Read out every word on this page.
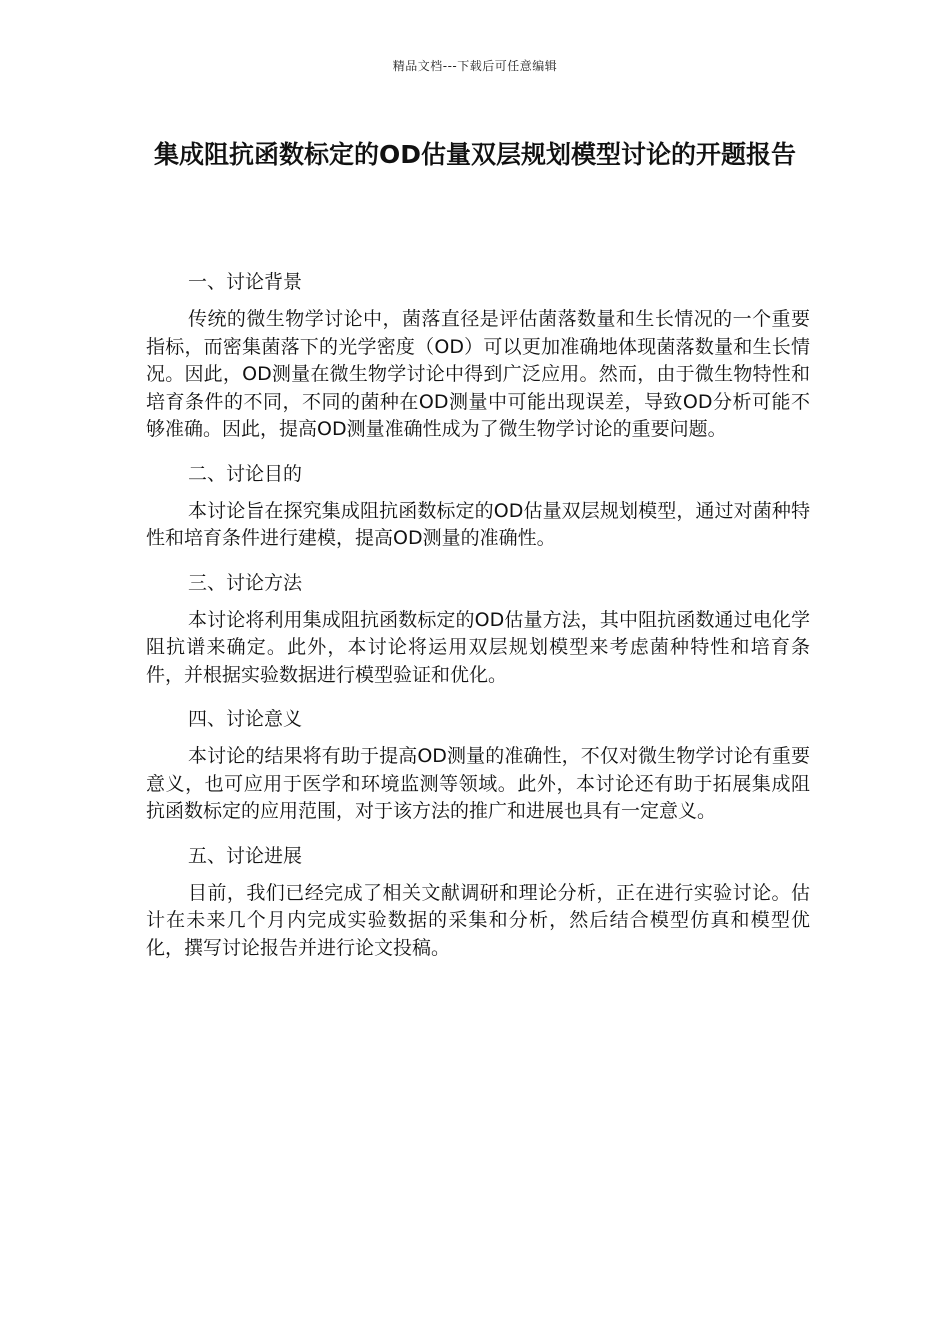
精品文档---下载后可任意编辑
集成阻抗函数标定的OD估量双层规划模型讨论的开题报告
一、讨论背景

传统的微生物学讨论中，菌落直径是评估菌落数量和生长情况的一个重要指标，而密集菌落下的光学密度（OD）可以更加准确地体现菌落数量和生长情况。因此，OD测量在微生物学讨论中得到广泛应用。然而，由于微生物特性和培育条件的不同，不同的菌种在OD测量中可能出现误差，导致OD分析可能不够准确。因此，提高OD测量准确性成为了微生物学讨论的重要问题。

二、讨论目的

本讨论旨在探究集成阻抗函数标定的OD估量双层规划模型，通过对菌种特性和培育条件进行建模，提高OD测量的准确性。

三、讨论方法

本讨论将利用集成阻抗函数标定的OD估量方法，其中阻抗函数通过电化学阻抗谱来确定。此外，本讨论将运用双层规划模型来考虑菌种特性和培育条件，并根据实验数据进行模型验证和优化。

四、讨论意义

本讨论的结果将有助于提高OD测量的准确性，不仅对微生物学讨论有重要意义，也可应用于医学和环境监测等领域。此外，本讨论还有助于拓展集成阻抗函数标定的应用范围，对于该方法的推广和进展也具有一定意义。

五、讨论进展

目前，我们已经完成了相关文献调研和理论分析，正在进行实验讨论。估计在未来几个月内完成实验数据的采集和分析，然后结合模型仿真和模型优化，撰写讨论报告并进行论文投稿。
